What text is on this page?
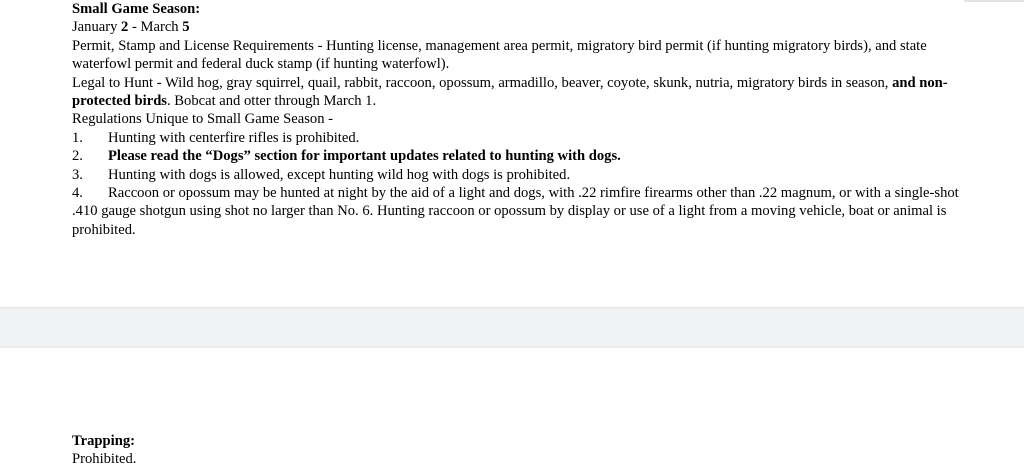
Small Game Season:

January 2 - March 5

Permit, Stamp and License Requirements - Hunting license, management area permit, migratory bird permit (if hunting migratory birds), and state waterfowl permit and federal duck stamp (if hunting waterfowl).

Legal to Hunt - Wild hog, gray squirrel, quail, rabbit, raccoon, opossum, armadillo, beaver, coyote, skunk, nutria, migratory birds in season, and non-protected birds. Bobcat and otter through March 1.

Regulations Unique to Small Game Season -

1. Hunting with centerfire rifles is prohibited.

2. Please read the “Dogs” section for important updates related to hunting with dogs.

3. Hunting with dogs is allowed, except hunting wild hog with dogs is prohibited.

4. Raccoon or opossum may be hunted at night by the aid of a light and dogs, with .22 rimfire firearms other than .22 magnum, or with a single-shot .410 gauge shotgun using shot no larger than No. 6. Hunting raccoon or opossum by display or use of a light from a moving vehicle, boat or animal is prohibited.

Trapping:

Prohibited.
